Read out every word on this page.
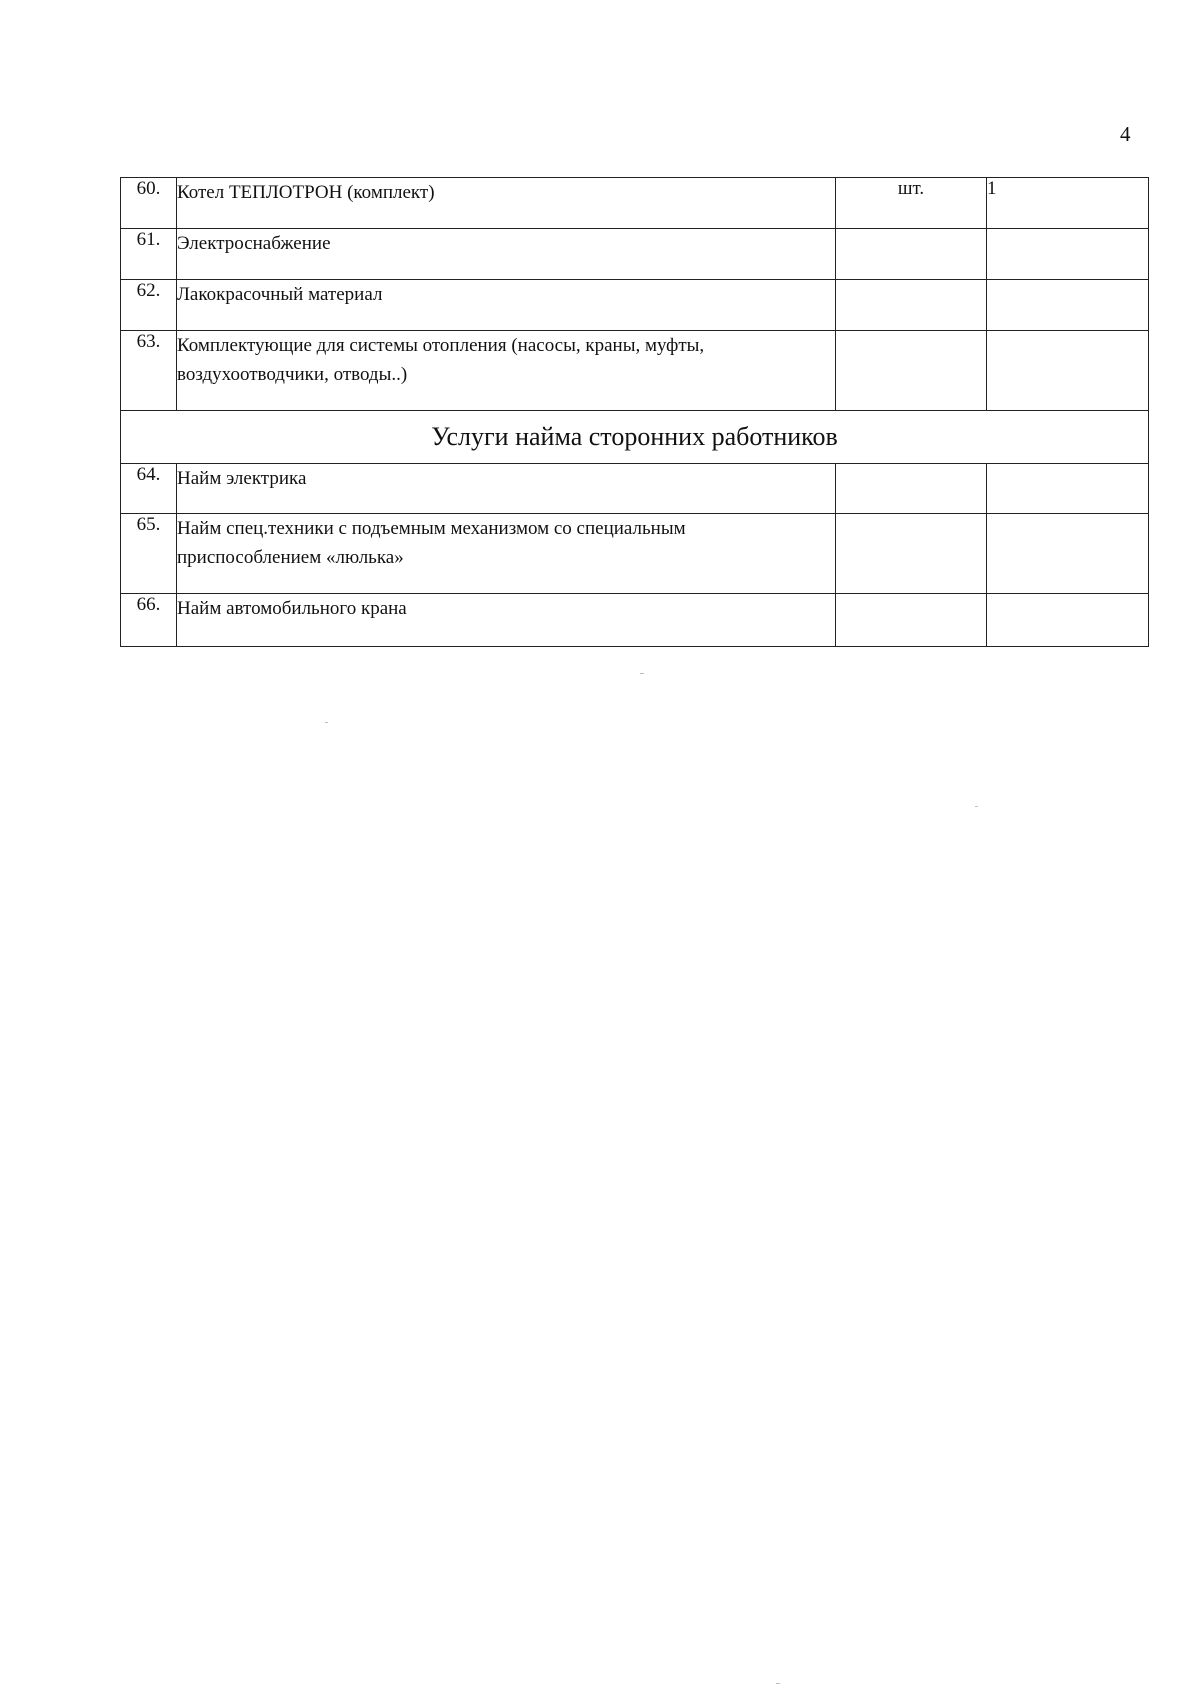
4
60.	Котел ТЕПЛОТРОН (комплект)	шт.	1
61.	Электроснабжение		
62.	Лакокрасочный материал		
63.	Комплектующие для системы отопления (насосы, краны, муфты,
воздухоотводчики, отводы..)		

Услуги найма сторонних работников			
64.	Найм электрика		
65.	Найм спец.техники с подъемным механизмом со специальным
приспособлением «люлька»		

66.	Найм автомобильного крана		
